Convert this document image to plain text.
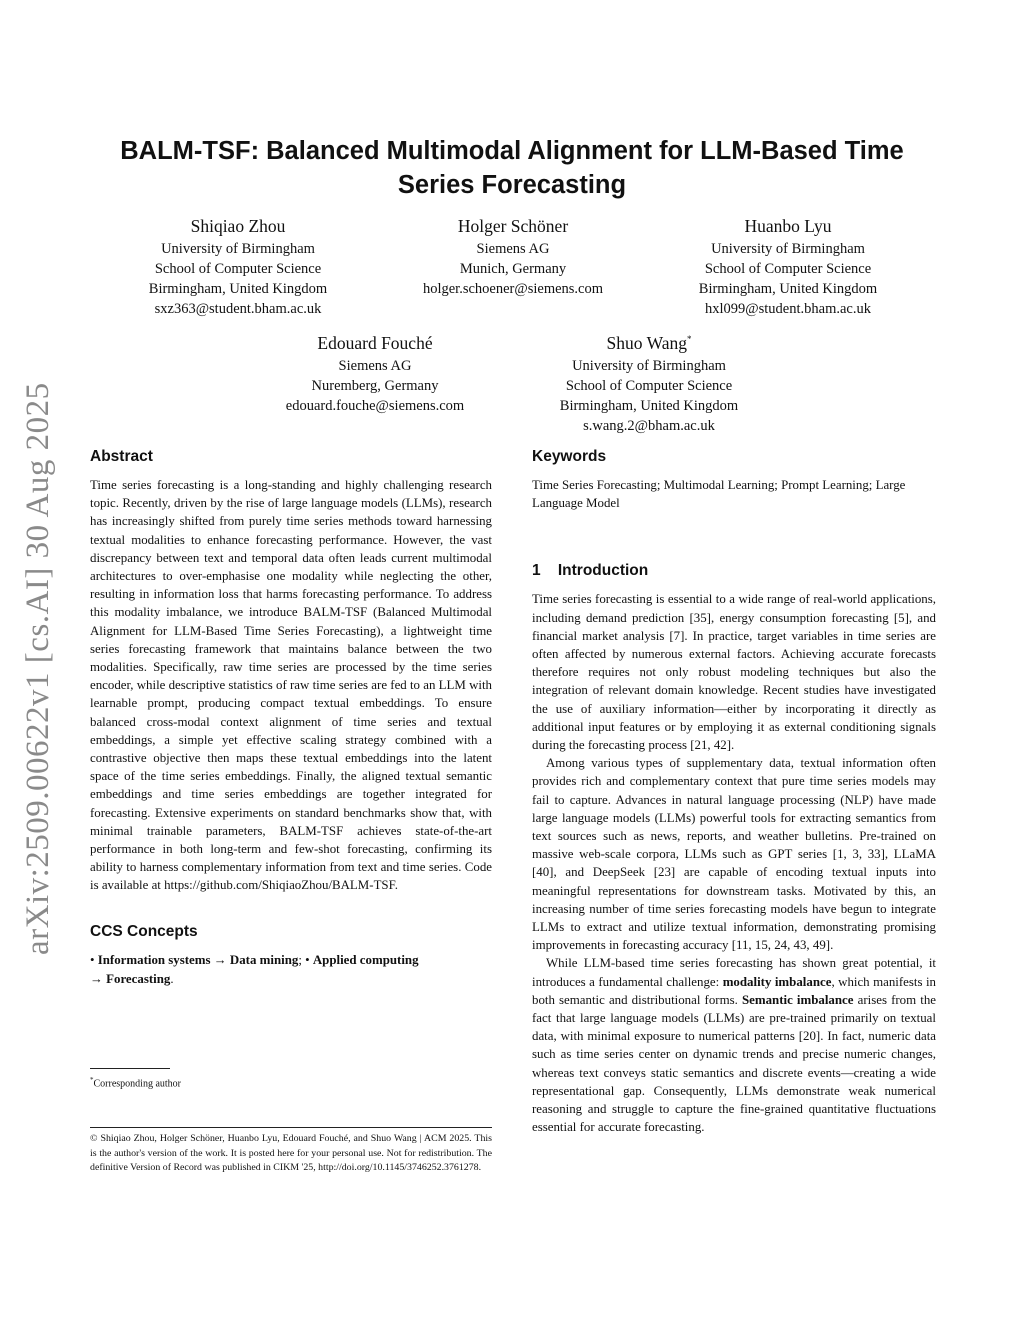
arXiv:2509.00622v1 [cs.AI] 30 Aug 2025
BALM-TSF: Balanced Multimodal Alignment for LLM-Based Time Series Forecasting
Shiqiao Zhou
University of Birmingham
School of Computer Science
Birmingham, United Kingdom
sxz363@student.bham.ac.uk
Holger Schöner
Siemens AG
Munich, Germany
holger.schoener@siemens.com
Huanbo Lyu
University of Birmingham
School of Computer Science
Birmingham, United Kingdom
hxl099@student.bham.ac.uk
Edouard Fouché
Siemens AG
Nuremberg, Germany
edouard.fouche@siemens.com
Shuo Wang*
University of Birmingham
School of Computer Science
Birmingham, United Kingdom
s.wang.2@bham.ac.uk
Abstract

Time series forecasting is a long-standing and highly challenging research topic. Recently, driven by the rise of large language models (LLMs), research has increasingly shifted from purely time series methods toward harnessing textual modalities to enhance forecasting performance. However, the vast discrepancy between text and temporal data often leads current multimodal architectures to over-emphasise one modality while neglecting the other, resulting in information loss that harms forecasting performance. To address this modality imbalance, we introduce BALM-TSF (Balanced Multimodal Alignment for LLM-Based Time Series Forecasting), a lightweight time series forecasting framework that maintains balance between the two modalities. Specifically, raw time series are processed by the time series encoder, while descriptive statistics of raw time series are fed to an LLM with learnable prompt, producing compact textual embeddings. To ensure balanced cross-modal context alignment of time series and textual embeddings, a simple yet effective scaling strategy combined with a contrastive objective then maps these textual embeddings into the latent space of the time series embeddings. Finally, the aligned textual semantic embeddings and time series embeddings are together integrated for forecasting. Extensive experiments on standard benchmarks show that, with minimal trainable parameters, BALM-TSF achieves state-of-the-art performance in both long-term and few-shot forecasting, confirming its ability to harness complementary information from text and time series. Code is available at https://github.com/ShiqiaoZhou/BALM-TSF.

CCS Concepts

• Information systems → Data mining; • Applied computing
→ Forecasting.

Keywords

Time Series Forecasting; Multimodal Learning; Prompt Learning; Large Language Model

1    Introduction

Time series forecasting is essential to a wide range of real-world applications, including demand prediction [35], energy consumption forecasting [5], and financial market analysis [7]. In practice, target variables in time series are often affected by numerous external factors. Achieving accurate forecasts therefore requires not only robust modeling techniques but also the integration of relevant domain knowledge. Recent studies have investigated the use of auxiliary information—either by incorporating it directly as additional input features or by employing it as external conditioning signals during the forecasting process [21, 42].

Among various types of supplementary data, textual information often provides rich and complementary context that pure time series models may fail to capture. Advances in natural language processing (NLP) have made large language models (LLMs) powerful tools for extracting semantics from text sources such as news, reports, and weather bulletins. Pre-trained on massive web-scale corpora, LLMs such as GPT series [1, 3, 33], LLaMA [40], and DeepSeek [23] are capable of encoding textual inputs into meaningful representations for downstream tasks. Motivated by this, an increasing number of time series forecasting models have begun to integrate LLMs to extract and utilize textual information, demonstrating promising improvements in forecasting accuracy [11, 15, 24, 43, 49].

While LLM-based time series forecasting has shown great potential, it introduces a fundamental challenge: modality imbalance, which manifests in both semantic and distributional forms. Semantic imbalance arises from the fact that large language models (LLMs) are pre-trained primarily on textual data, with minimal exposure to numerical patterns [20]. In fact, numeric data such as time series center on dynamic trends and precise numeric changes, whereas text conveys static semantics and discrete events—creating a wide representational gap. Consequently, LLMs demonstrate weak numerical reasoning and struggle to capture the fine-grained quantitative fluctuations essential for accurate forecasting.

*Corresponding author

© Shiqiao Zhou, Holger Schöner, Huanbo Lyu, Edouard Fouché, and Shuo Wang | ACM 2025. This is the author's version of the work. It is posted here for your personal use. Not for redistribution. The definitive Version of Record was published in CIKM '25, http://doi.org/10.1145/3746252.3761278.
